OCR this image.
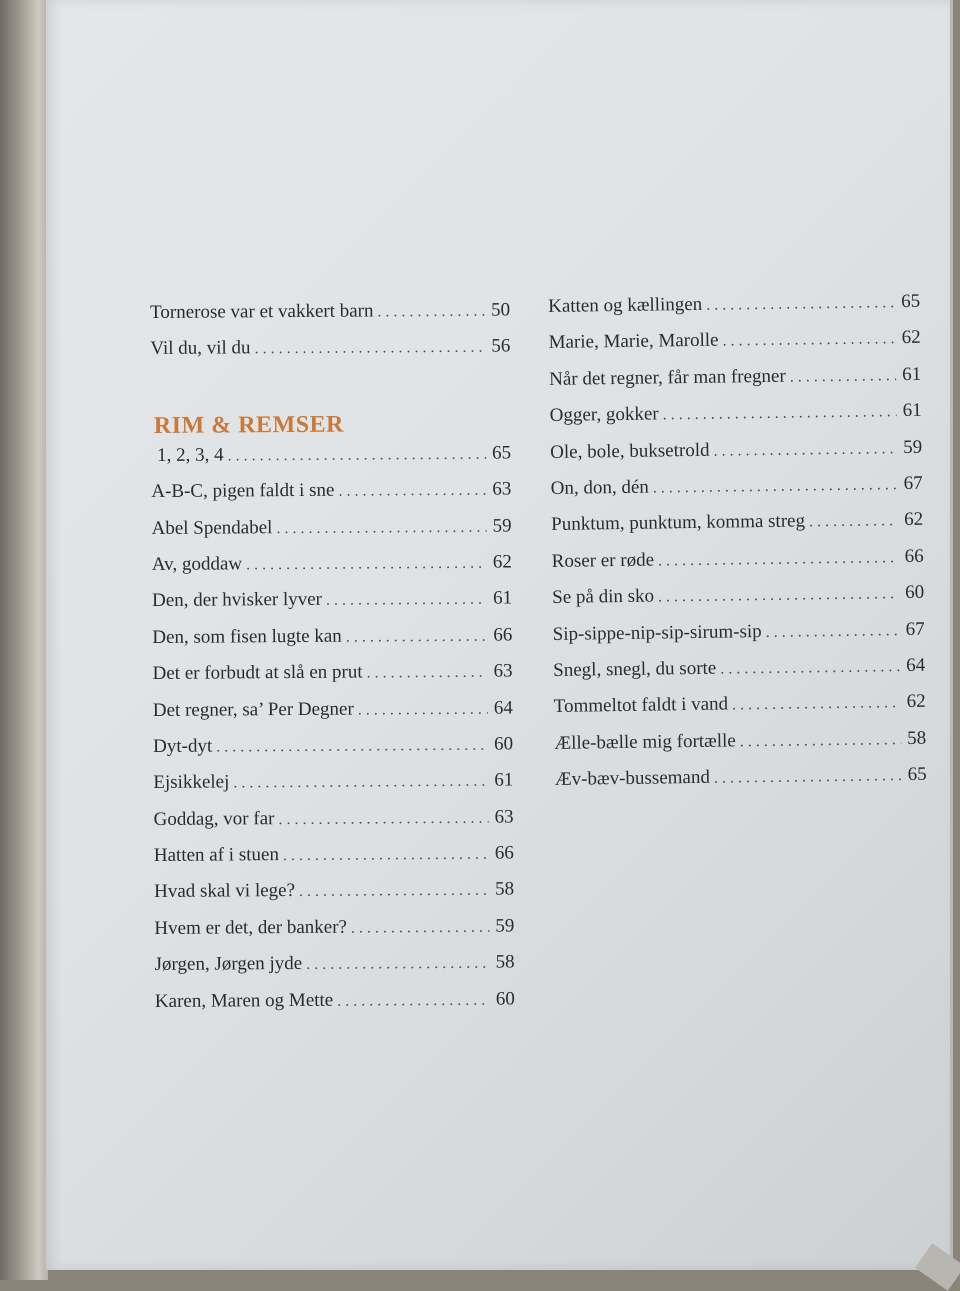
Tornerose var et vakkert barn . . .	50
Vil du, vil du . . .	56
RIM & REMSER
1, 2, 3, 4 . . .	65
A-B-C, pigen faldt i sne . . .	63
Abel Spendabel . . .	59
Av, goddaw . . .	62
Den, der hvisker lyver . . .	61
Den, som fisen lugte kan . . .	66
Det er forbudt at slå en prut . . .	63
Det regner, sa’ Per Degner . . .	64
Dyt-dyt . . .	60
Ejsikkelej . . .	61
Goddag, vor far . . .	63
Hatten af i stuen . . .	66
Hvad skal vi lege? . . .	58
Hvem er det, der banker? . . .	59
Jørgen, Jørgen jyde . . .	58
Karen, Maren og Mette . . .	60
Katten og kællingen . . .	65
Marie, Marie, Marolle . . .	62
Når det regner, får man fregner . . .	61
Ogger, gokker . . .	61
Ole, bole, buksetrold . . .	59
On, don, dén . . .	67
Punktum, punktum, komma streg . . .	62
Roser er røde . . .	66
Se på din sko . . .	60
Sip-sippe-nip-sip-sirum-sip . . .	67
Snegl, snegl, du sorte . . .	64
Tommeltot faldt i vand . . .	62
Ælle-bælle mig fortælle . . .	58
Æv-bæv-bussemand . . .	65
